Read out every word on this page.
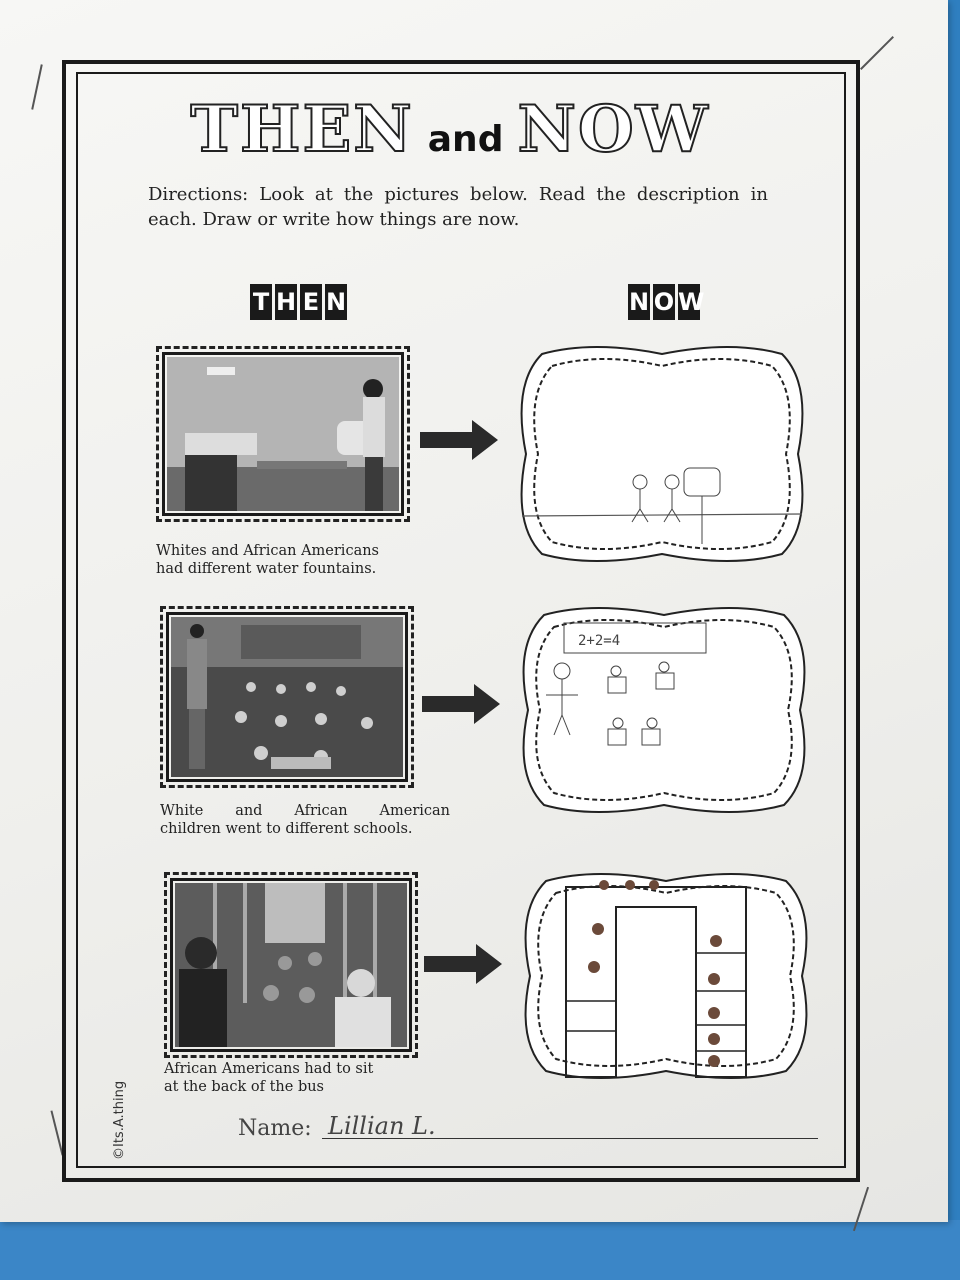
THEN and NOW
Directions: Look at the pictures below. Read the description in each. Draw or write how things are now.
T H E N	N O W
Whites and African Americans
had different water fountains.
White and African American
children went to different schools.
2+2=4
African Americans had to sit
at the back of the bus
Name: Lillian L.
©Its.A.thing
